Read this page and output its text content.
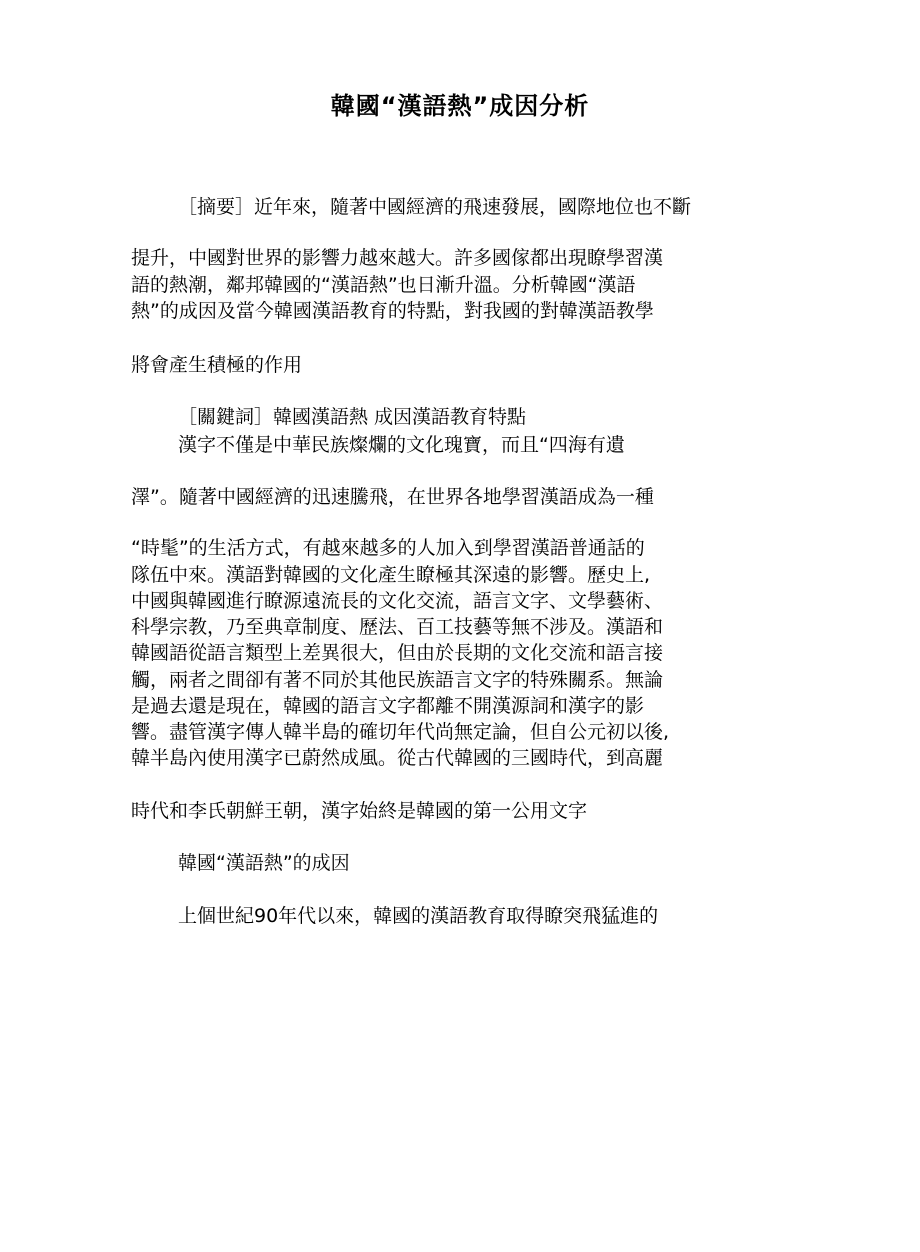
韓國“漢語熱”成因分析
［摘要］近年來，隨著中國經濟的飛速發展，國際地位也不斷
提升，中國對世界的影響力越來越大。許多國傢都出現瞭學習漢
語的熱潮，鄰邦韓國的“漢語熱”也日漸升溫。分析韓國“漢語
熱”的成因及當今韓國漢語教育的特點，對我國的對韓漢語教學
將會產生積極的作用
［關鍵詞］韓國漢語熱 成因漢語教育特點
漢字不僅是中華民族燦爛的文化瑰寶，而且“四海有遺
澤”。隨著中國經濟的迅速騰飛，在世界各地學習漢語成為一種
“時髦”的生活方式，有越來越多的人加入到學習漢語普通話的
隊伍中來。漢語對韓國的文化產生瞭極其深遠的影響。歷史上,
中國與韓國進行瞭源遠流長的文化交流，語言文字、文學藝術、
科學宗教，乃至典章制度、歷法、百工技藝等無不涉及。漢語和
韓國語從語言類型上差異很大，但由於長期的文化交流和語言接
觸，兩者之間卻有著不同於其他民族語言文字的特殊關系。無論
是過去還是現在，韓國的語言文字都離不開漢源詞和漢字的影
響。盡管漢字傳人韓半島的確切年代尚無定論，但自公元初以後,
韓半島內使用漢字已蔚然成風。從古代韓國的三國時代，到高麗
時代和李氏朝鮮王朝，漢字始終是韓國的第一公用文字
韓國“漢語熱”的成因
上個世紀90年代以來，韓國的漢語教育取得瞭突飛猛進的
